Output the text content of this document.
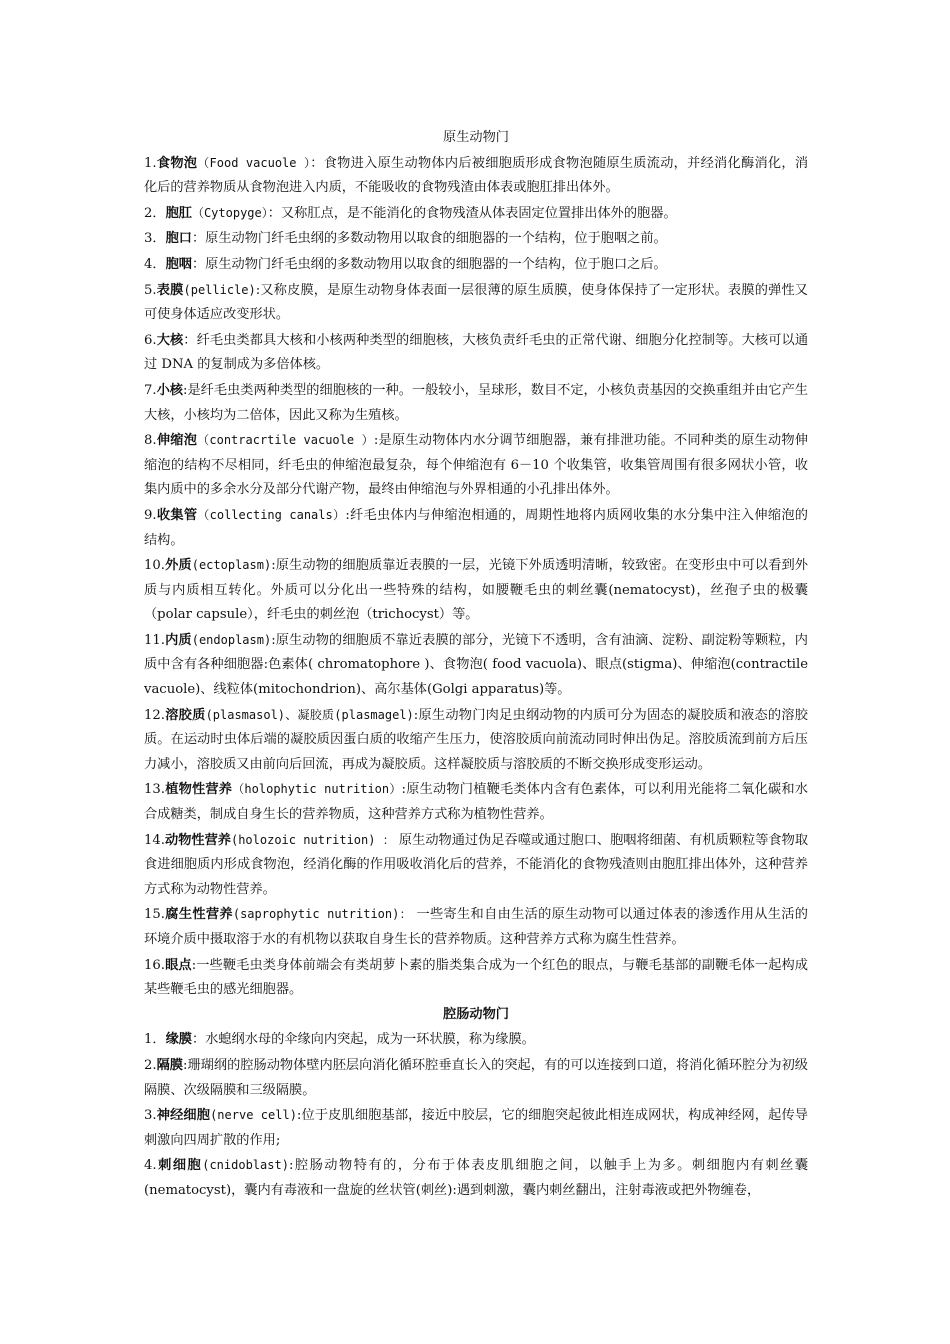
原生动物门
1.食物泡（Food vacuole ）：食物进入原生动物体内后被细胞质形成食物泡随原生质流动，并经消化酶消化，消化后的营养物质从食物泡进入内质，不能吸收的食物残渣由体表或胞肛排出体外。
2．胞肛（Cytopyge）：又称肛点，是不能消化的食物残渣从体表固定位置排出体外的胞器。
3．胞口：原生动物门纤毛虫纲的多数动物用以取食的细胞器的一个结构，位于胞咽之前。
4．胞咽：原生动物门纤毛虫纲的多数动物用以取食的细胞器的一个结构，位于胞口之后。
5.表膜(pellicle):又称皮膜，是原生动物身体表面一层很薄的原生质膜，使身体保持了一定形状。表膜的弹性又可使身体适应改变形状。
6.大核：纤毛虫类都具大核和小核两种类型的细胞核，大核负责纤毛虫的正常代谢、细胞分化控制等。大核可以通过 DNA 的复制成为多倍体核。
7.小核:是纤毛虫类两种类型的细胞核的一种。一般较小，呈球形，数目不定，小核负责基因的交换重组并由它产生大核，小核均为二倍体，因此又称为生殖核。
8.伸缩泡（contracrtile vacuole ）:是原生动物体内水分调节细胞器，兼有排泄功能。不同种类的原生动物伸缩泡的结构不尽相同，纤毛虫的伸缩泡最复杂，每个伸缩泡有 6－10 个收集管，收集管周围有很多网状小管，收集内质中的多余水分及部分代谢产物，最终由伸缩泡与外界相通的小孔排出体外。
9.收集管（collecting canals）:纤毛虫体内与伸缩泡相通的，周期性地将内质网收集的水分集中注入伸缩泡的结构。
10.外质(ectoplasm):原生动物的细胞质靠近表膜的一层，光镜下外质透明清晰，较致密。在变形虫中可以看到外质与内质相互转化。外质可以分化出一些特殊的结构，如腰鞭毛虫的刺丝囊(nematocyst)，丝孢子虫的极囊（polar capsule），纤毛虫的刺丝泡（trichocyst）等。
11.内质(endoplasm):原生动物的细胞质不靠近表膜的部分，光镜下不透明，含有油滴、淀粉、副淀粉等颗粒，内质中含有各种细胞器:色素体( chromatophore )、食物泡( food vacuola)、眼点(stigma)、伸缩泡(contractile vacuole)、线粒体(mitochondrion)、高尔基体(Golgi apparatus)等。
12.溶胶质(plasmasol)、凝胶质(plasmagel):原生动物门肉足虫纲动物的内质可分为固态的凝胶质和液态的溶胶质。在运动时虫体后端的凝胶质因蛋白质的收缩产生压力，使溶胶质向前流动同时伸出伪足。溶胶质流到前方后压力减小，溶胶质又由前向后回流，再成为凝胶质。这样凝胶质与溶胶质的不断交换形成变形运动。
13.植物性营养（holophytic nutrition）:原生动物门植鞭毛类体内含有色素体，可以利用光能将二氧化碳和水合成糖类，制成自身生长的营养物质，这种营养方式称为植物性营养。
14.动物性营养(holozoic nutrition) ： 原生动物通过伪足吞噬或通过胞口、胞咽将细菌、有机质颗粒等食物取食进细胞质内形成食物泡，经消化酶的作用吸收消化后的营养，不能消化的食物残渣则由胞肛排出体外，这种营养方式称为动物性营养。
15.腐生性营养(saprophytic nutrition)： 一些寄生和自由生活的原生动物可以通过体表的渗透作用从生活的环境介质中摄取溶于水的有机物以获取自身生长的营养物质。这种营养方式称为腐生性营养。
16.眼点:一些鞭毛虫类身体前端会有类胡萝卜素的脂类集合成为一个红色的眼点，与鞭毛基部的副鞭毛体一起构成某些鞭毛虫的感光细胞器。
腔肠动物门
1．缘膜：水螅纲水母的伞缘向内突起，成为一环状膜，称为缘膜。
2.隔膜:珊瑚纲的腔肠动物体壁内胚层向消化循环腔垂直长入的突起，有的可以连接到口道，将消化循环腔分为初级隔膜、次级隔膜和三级隔膜。
3.神经细胞(nerve cell):位于皮肌细胞基部，接近中胶层，它的细胞突起彼此相连成网状，构成神经网，起传导刺激向四周扩散的作用;
4.刺细胞(cnidoblast):腔肠动物特有的，分布于体表皮肌细胞之间，以触手上为多。刺细胞内有刺丝囊(nematocyst)，囊内有毒液和一盘旋的丝状管(刺丝):遇到刺激，囊内刺丝翻出，注射毒液或把外物缠卷，
